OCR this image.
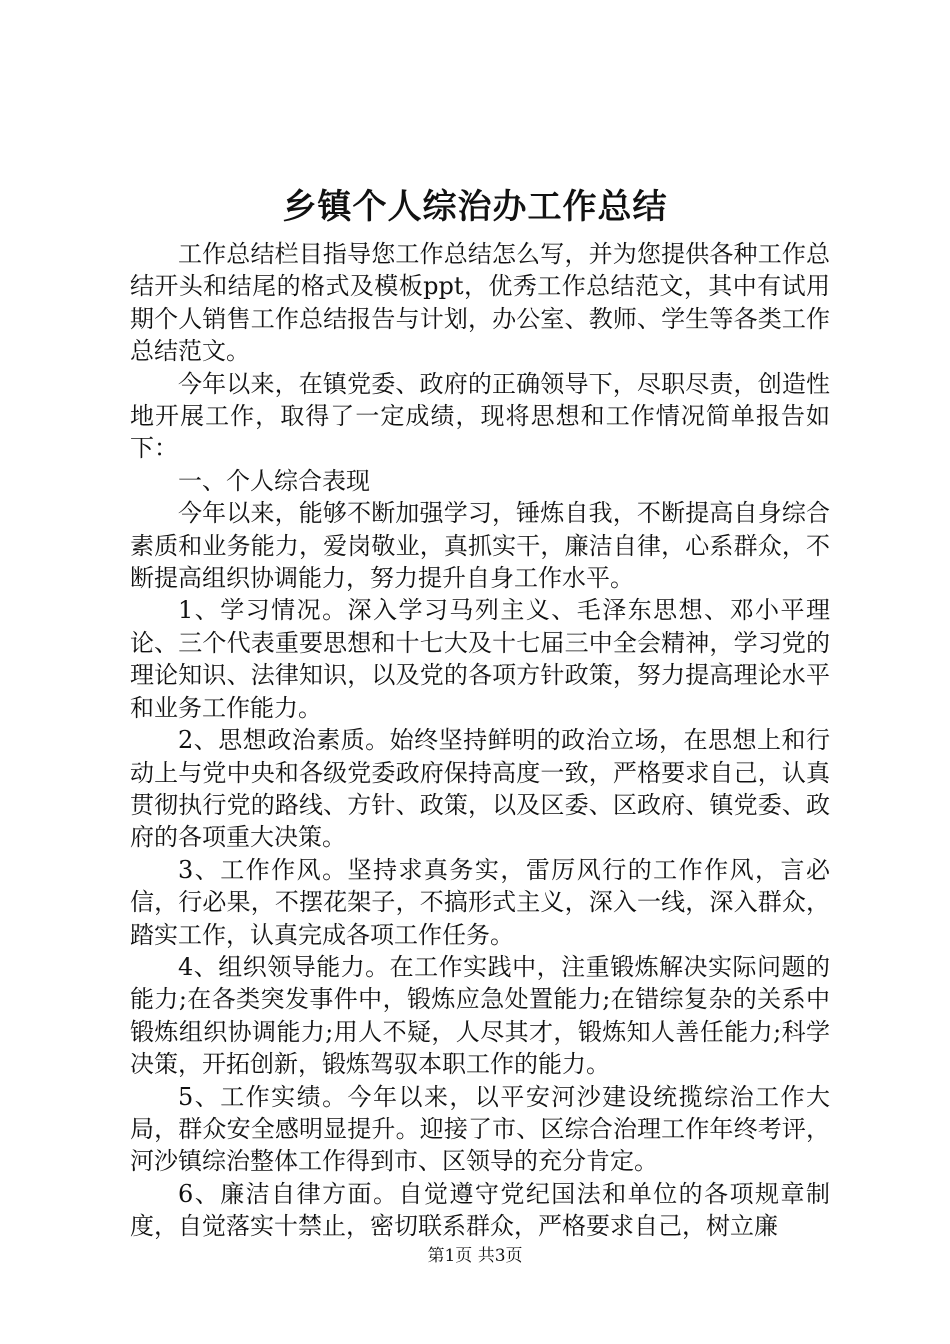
乡镇个人综治办工作总结

工作总结栏目指导您工作总结怎么写，并为您提供各种工作总结开头和结尾的格式及模板ppt，优秀工作总结范文，其中有试用期个人销售工作总结报告与计划，办公室、教师、学生等各类工作总结范文。

今年以来，在镇党委、政府的正确领导下，尽职尽责，创造性地开展工作，取得了一定成绩，现将思想和工作情况简单报告如下：

一、个人综合表现

今年以来，能够不断加强学习，锤炼自我，不断提高自身综合素质和业务能力，爱岗敬业，真抓实干，廉洁自律，心系群众，不断提高组织协调能力，努力提升自身工作水平。

1、学习情况。深入学习马列主义、毛泽东思想、邓小平理论、三个代表重要思想和十七大及十七届三中全会精神，学习党的理论知识、法律知识，以及党的各项方针政策，努力提高理论水平和业务工作能力。

2、思想政治素质。始终坚持鲜明的政治立场，在思想上和行动上与党中央和各级党委政府保持高度一致，严格要求自己，认真贯彻执行党的路线、方针、政策，以及区委、区政府、镇党委、政府的各项重大决策。

3、工作作风。坚持求真务实，雷厉风行的工作作风，言必信，行必果，不摆花架子，不搞形式主义，深入一线，深入群众，踏实工作，认真完成各项工作任务。

4、组织领导能力。在工作实践中，注重锻炼解决实际问题的能力;在各类突发事件中，锻炼应急处置能力;在错综复杂的关系中锻炼组织协调能力;用人不疑，人尽其才，锻炼知人善任能力;科学决策，开拓创新，锻炼驾驭本职工作的能力。

5、工作实绩。今年以来，以平安河沙建设统揽综治工作大局，群众安全感明显提升。迎接了市、区综合治理工作年终考评，河沙镇综治整体工作得到市、区领导的充分肯定。

6、廉洁自律方面。自觉遵守党纪国法和单位的各项规章制度，自觉落实十禁止，密切联系群众，严格要求自己，树立廉

第1页 共3页
